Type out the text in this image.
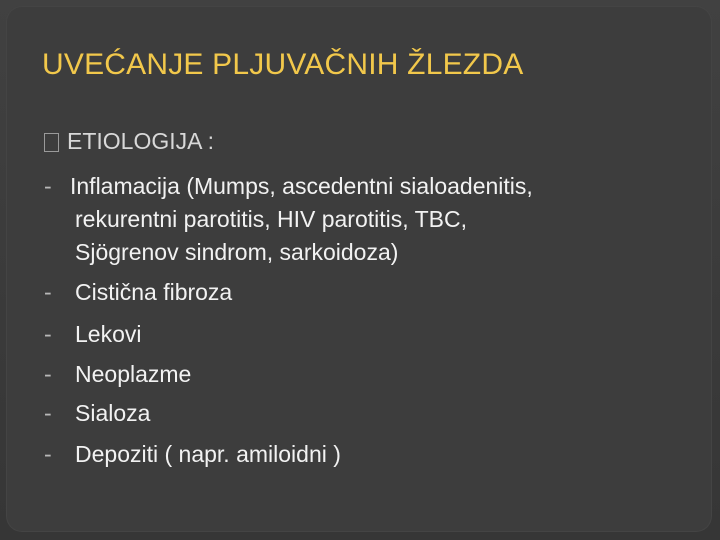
UVEĆANJE PLJUVAČNIH ŽLEZDA
ETIOLOGIJA :
- Inflamacija (Mumps, ascedentni sialoadenitis,
rekurentni parotitis, HIV parotitis, TBC,
Sjögrenov sindrom, sarkoidoza)
- Cistična fibroza
- Lekovi
- Neoplazme
- Sialoza
- Depoziti ( napr. amiloidni )
